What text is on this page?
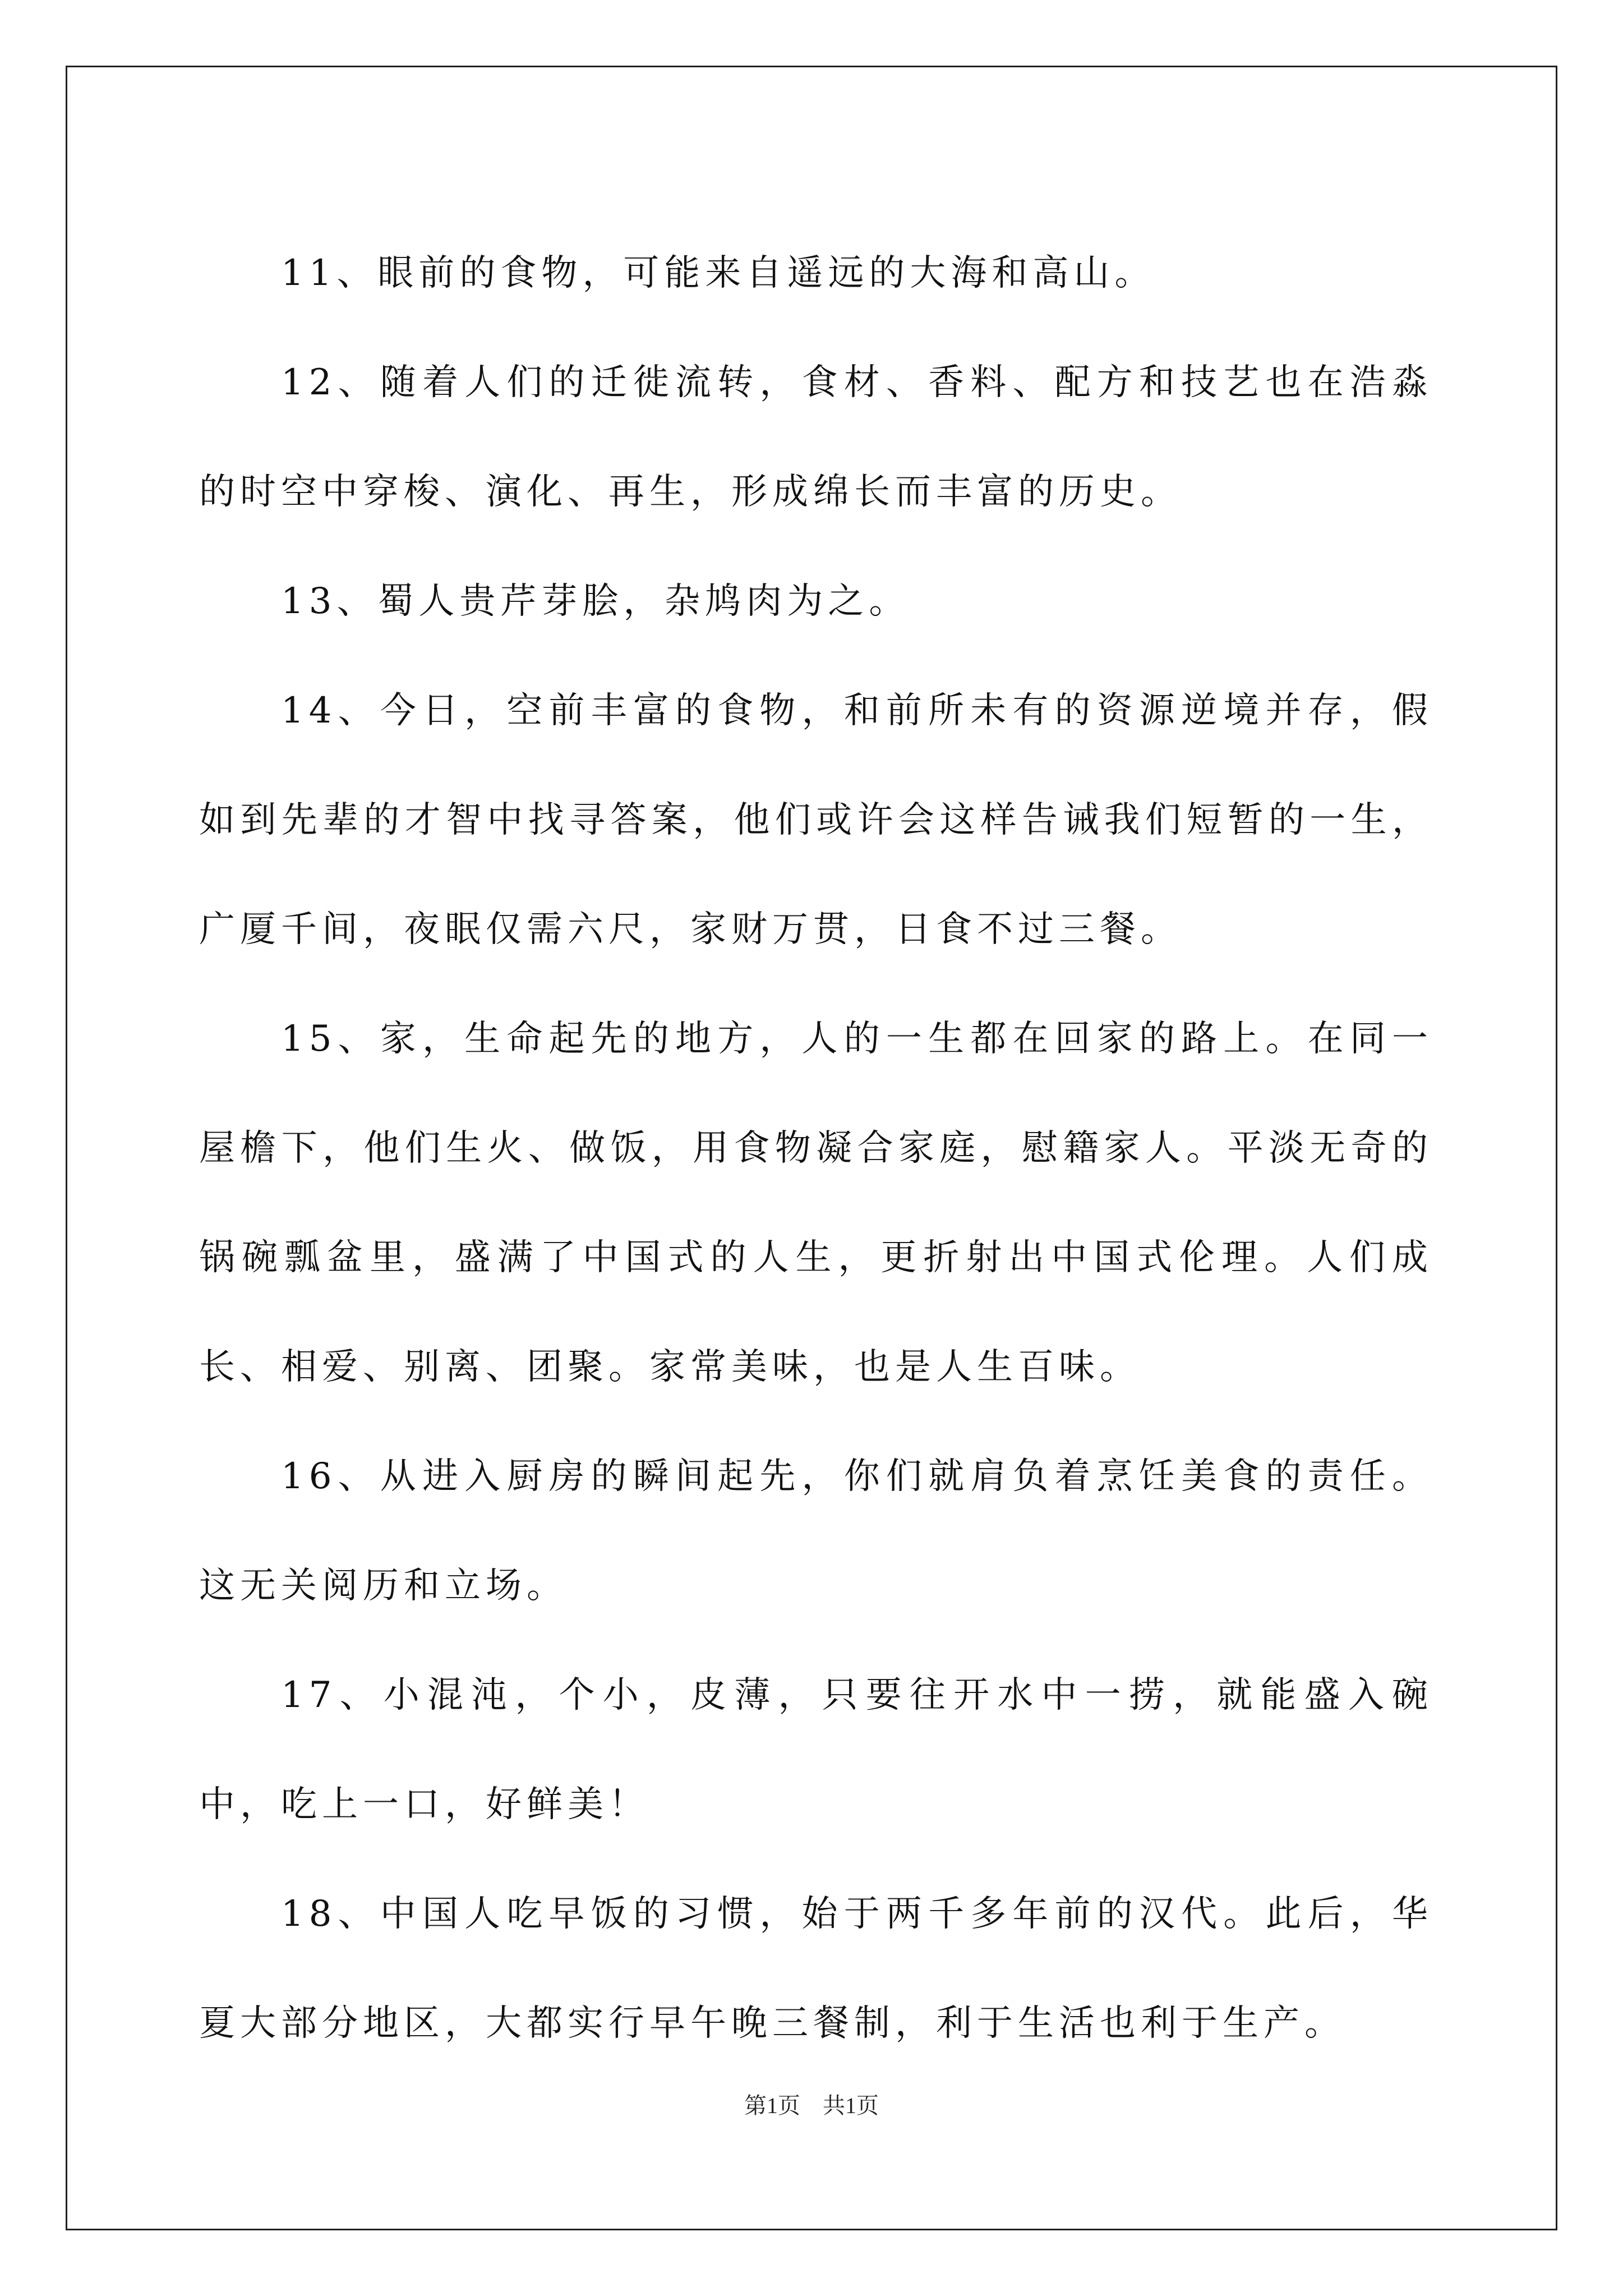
11、眼前的食物，可能来自遥远的大海和高山。

12、随着人们的迁徙流转，食材、香料、配方和技艺也在浩淼的时空中穿梭、演化、再生，形成绵长而丰富的历史。

13、蜀人贵芹芽脍，杂鸠肉为之。

14、今日，空前丰富的食物，和前所未有的资源逆境并存，假如到先辈的才智中找寻答案，他们或许会这样告诫我们短暂的一生，广厦千间，夜眠仅需六尺，家财万贯，日食不过三餐。

15、家，生命起先的地方，人的一生都在回家的路上。在同一屋檐下，他们生火、做饭，用食物凝合家庭，慰籍家人。平淡无奇的锅碗瓢盆里，盛满了中国式的人生，更折射出中国式伦理。人们成长、相爱、别离、团聚。家常美味，也是人生百味。

16、从进入厨房的瞬间起先，你们就肩负着烹饪美食的责任。这无关阅历和立场。

17、小混沌，个小，皮薄，只要往开水中一捞，就能盛入碗中，吃上一口，好鲜美！

18、中国人吃早饭的习惯，始于两千多年前的汉代。此后，华夏大部分地区，大都实行早午晚三餐制，利于生活也利于生产。

第1页　共1页
